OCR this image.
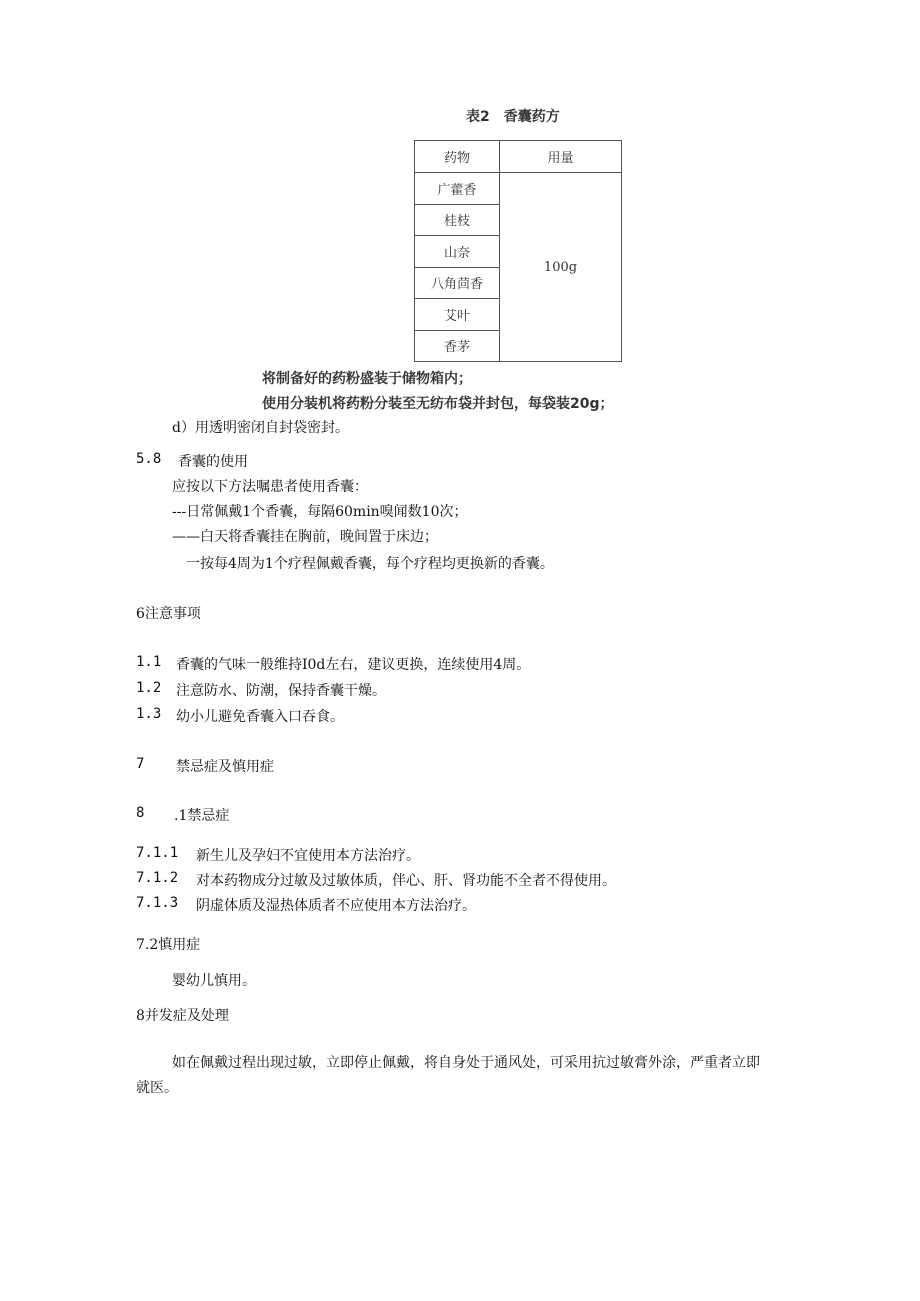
表2　香囊药方
药物	用量
广藿香	100g
桂枝	
山奈	
八角茴香	
艾叶	
香茅	
将制备好的药粉盛装于储物箱内；
使用分装机将药粉分装至无纺布袋并封包，每袋装20g；
d）用透明密闭自封袋密封。
5.8 香囊的使用
应按以下方法嘱患者使用香囊：
---日常佩戴1个香囊，每隔60min嗅闻数10次；
——白天将香囊挂在胸前，晚间置于床边；
一按每4周为1个疗程佩戴香囊，每个疗程均更换新的香囊。
6注意事项
1.1 香囊的气味一般维持I0d左右，建议更换，连续使用4周。
1.2 注意防水、防潮，保持香囊干燥。
1.3 幼小儿避免香囊入口吞食。
7 禁忌症及慎用症
8 .1禁忌症
7.1.1 新生儿及孕妇不宜使用本方法治疗。
7.1.2 对本药物成分过敏及过敏体质，伴心、肝、肾功能不全者不得使用。
7.1.3 阴虚体质及湿热体质者不应使用本方法治疗。
7.2慎用症
婴幼儿慎用。
8并发症及处理
如在佩戴过程出现过敏，立即停止佩戴，将自身处于通风处，可采用抗过敏膏外涂，严重者立即
就医。
